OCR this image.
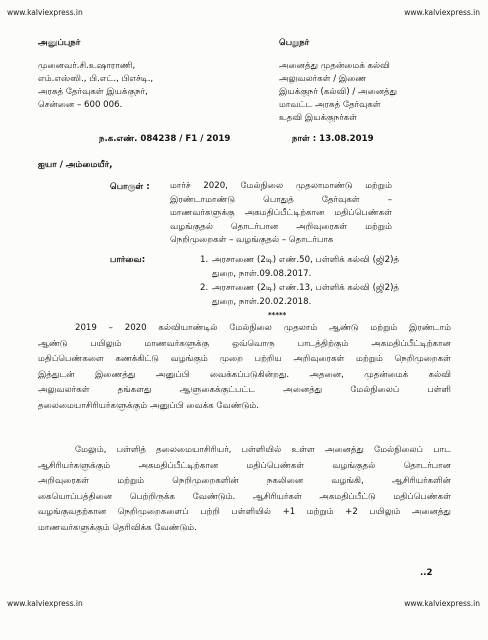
www.kalviexpress.in	www.kalviexpress.in
அனுப்புநர்
முனைவர்.சி.உஷாராணி,
எம்.எஸ்ஸி., பி.எட்., பிஎச்டி.,
அரசுத் தேர்வுகள் இயக்குநர்,
சென்னை – 600 006.
பெறுநர்
அனைத்து முதன்மைக் கல்வி
அலுவலர்கள் / இணை
இயக்குநர் (கல்வி) / அனைத்து
மாவட்ட அரசுத் தேர்வுகள்
உதவி இயக்குநர்கள்
ந.க.எண். 084238 / F1 / 2019	நாள் : 13.08.2019
ஐயா / அம்மையீர்,
பொருள் : மார்ச் 2020, மேல்நிலை முதலாமாண்டு மற்றும்
இரண்டாமாண்டு பொதுத் தேர்வுகள் –
மாணவர்களுக்கு அகமதிப்பீட்டிற்கான மதிப்பெண்கள்
வழங்குதல் தொடர்பான அறிவுரைகள் மற்றும்
நெறிமுறைகள் – வழங்குதல் – தொடர்பாக
பார்வை:	1. அரசாணை (2டி) எண்.50, பள்ளிக் கல்வி (ஜி2)த்
துறை, நாள்.09.08.2017.
2. அரசாணை (2டி) எண்.13, பள்ளிக் கல்வி (ஜி2)த்
துறை, நாள்.20.02.2018.
*****
2019 – 2020 கல்வியாண்டில் மேல்நிலை முதலாம் ஆண்டு மற்றும் இரண்டாம்
ஆண்டு பயிலும் மாணவர்களுக்கு ஒவ்வொரு பாடத்திற்கும் அகமதிப்பீட்டிற்கான
மதிப்பெண்களை கணக்கிட்டு வழங்கும் முறை பற்றிய அறிவுரைகள் மற்றும் நெறிமுறைகள்
இத்துடன் இணைத்து அனுப்பி வைக்கப்படுகின்றது. அதனை, முதன்மைக் கல்வி
அலுவலர்கள் தங்களது ஆளுகைக்குட்பட்ட அனைத்து மேல்நிலைப் பள்ளி
தலைமையாசிரியர்களுக்கும் அனுப்பி வைக்க வேண்டும்.
மேலும், பள்ளித் தலைமையாசிரியர், பள்ளியில் உள்ள அனைத்து மேல்நிலைப் பாட
ஆசிரியர்களுக்கும் அகமதிப்பீட்டிற்கான மதிப்பெண்கள் வழங்குதல் தொடர்பான
அறிவுரைகள் மற்றும் நெறிமுறைகளின் நகலினை வழங்கி, ஆசிரியர்களின்
கையொப்பத்தினை பெற்றிருக்க வேண்டும். ஆசிரியர்கள் அகமதிப்பீட்டு மதிப்பெண்கள்
வழங்குவதற்கான நெறிமுறைகளைப் பற்றி பள்ளியில் +1 மற்றும் +2 பயிலும் அனைத்து
மாணவர்களுக்கும் தெரிவிக்க வேண்டும்.
..2
www.kalviexpress.in	www.kalviexpress.in
